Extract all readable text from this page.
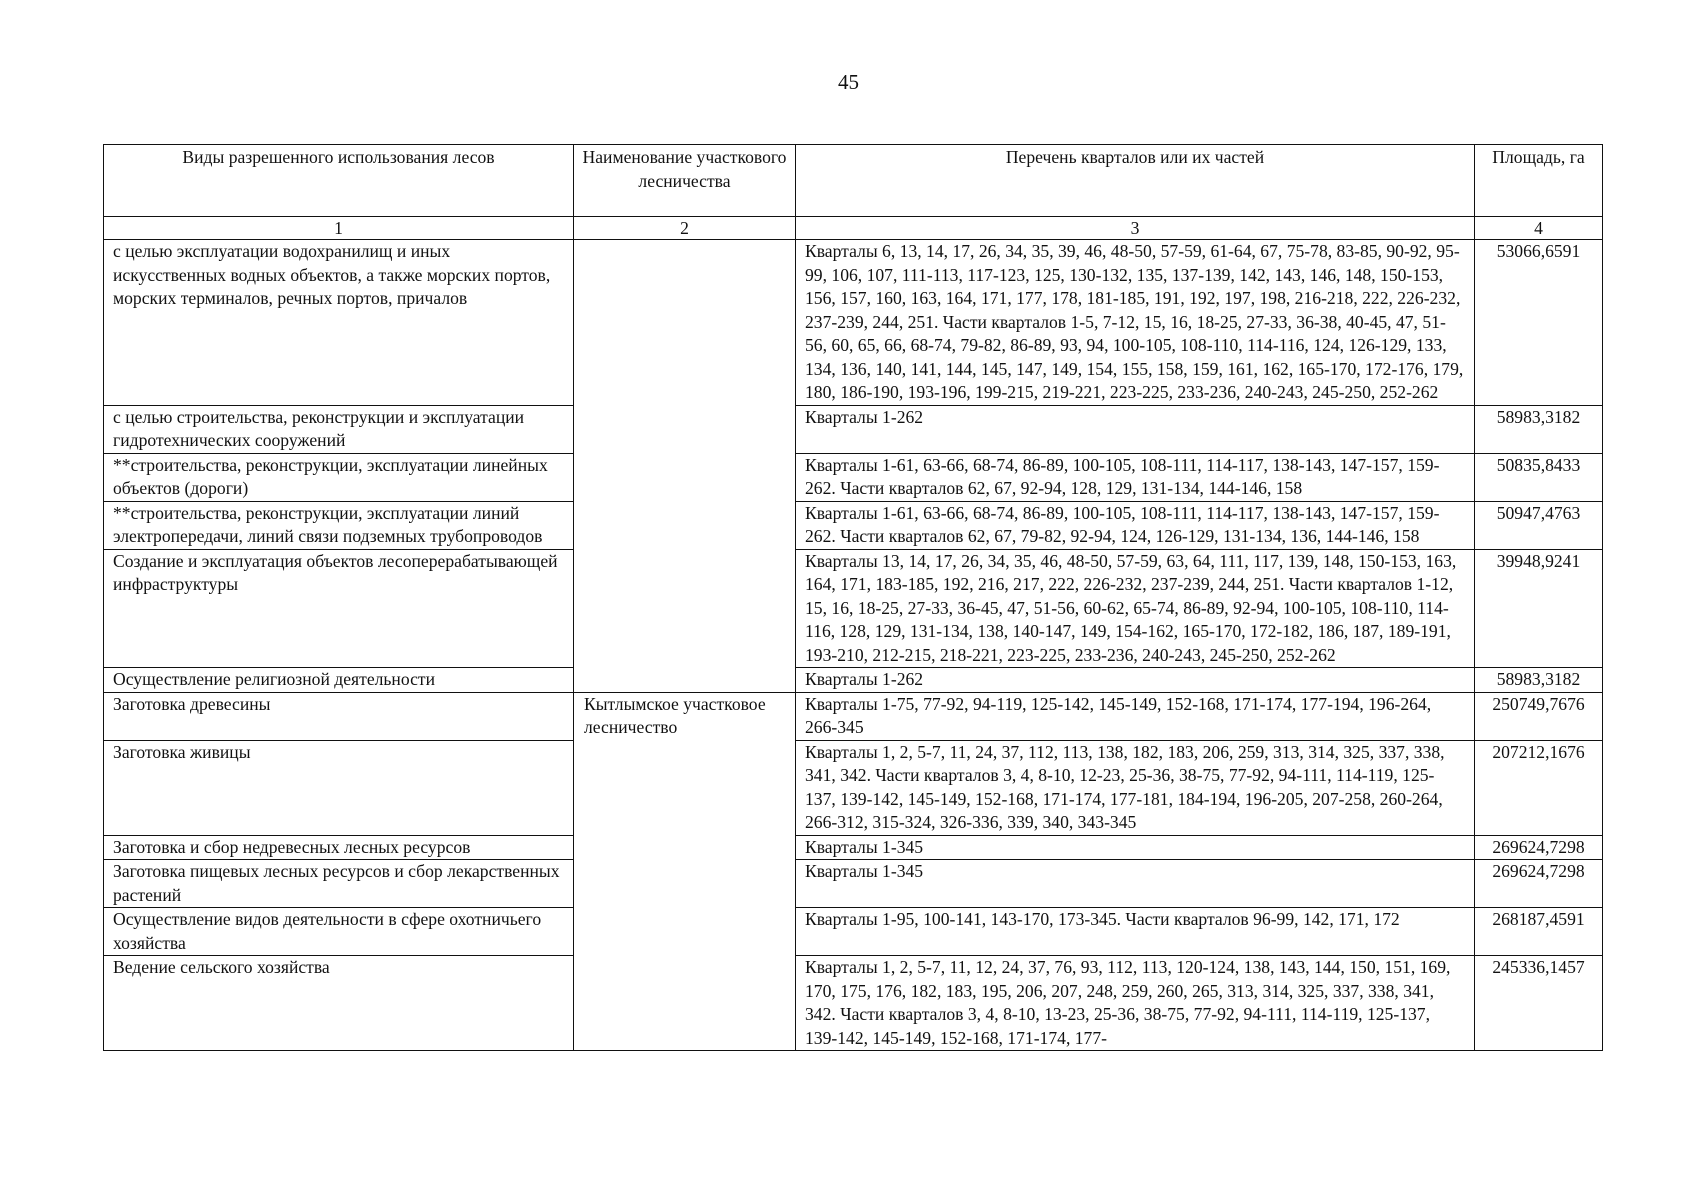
45
Виды разрешенного использования лесов	Наименование участкового лесничества	Перечень кварталов или их частей	Площадь, га
1	2	3	4
с целью эксплуатации водохранилищ и иных искусственных водных объектов, а также морских портов, морских терминалов, речных портов, причалов		Кварталы 6, 13, 14, 17, 26, 34, 35, 39, 46, 48-50, 57-59, 61-64, 67, 75-78, 83-85, 90-92, 95-99, 106, 107, 111-113, 117-123, 125, 130-132, 135, 137-139, 142, 143, 146, 148, 150-153, 156, 157, 160, 163, 164, 171, 177, 178, 181-185, 191, 192, 197, 198, 216-218, 222, 226-232, 237-239, 244, 251. Части кварталов 1-5, 7-12, 15, 16, 18-25, 27-33, 36-38, 40-45, 47, 51-56, 60, 65, 66, 68-74, 79-82, 86-89, 93, 94, 100-105, 108-110, 114-116, 124, 126-129, 133, 134, 136, 140, 141, 144, 145, 147, 149, 154, 155, 158, 159, 161, 162, 165-170, 172-176, 179, 180, 186-190, 193-196, 199-215, 219-221, 223-225, 233-236, 240-243, 245-250, 252-262	53066,6591
с целью строительства, реконструкции и эксплуатации гидротехнических сооружений		Кварталы 1-262	58983,3182
**строительства, реконструкции, эксплуатации линейных объектов (дороги)		Кварталы 1-61, 63-66, 68-74, 86-89, 100-105, 108-111, 114-117, 138-143, 147-157, 159-262. Части кварталов 62, 67, 92-94, 128, 129, 131-134, 144-146, 158	50835,8433
**строительства, реконструкции, эксплуатации линий электропередачи, линий связи подземных трубопроводов		Кварталы 1-61, 63-66, 68-74, 86-89, 100-105, 108-111, 114-117, 138-143, 147-157, 159-262. Части кварталов 62, 67, 79-82, 92-94, 124, 126-129, 131-134, 136, 144-146, 158	50947,4763
Создание и эксплуатация объектов лесоперерабатывающей инфраструктуры		Кварталы 13, 14, 17, 26, 34, 35, 46, 48-50, 57-59, 63, 64, 111, 117, 139, 148, 150-153, 163, 164, 171, 183-185, 192, 216, 217, 222, 226-232, 237-239, 244, 251. Части кварталов 1-12, 15, 16, 18-25, 27-33, 36-45, 47, 51-56, 60-62, 65-74, 86-89, 92-94, 100-105, 108-110, 114-116, 128, 129, 131-134, 138, 140-147, 149, 154-162, 165-170, 172-182, 186, 187, 189-191, 193-210, 212-215, 218-221, 223-225, 233-236, 240-243, 245-250, 252-262	39948,9241
Осуществление религиозной деятельности		Кварталы 1-262	58983,3182
Заготовка древесины	Кытлымское участковое лесничество	Кварталы 1-75, 77-92, 94-119, 125-142, 145-149, 152-168, 171-174, 177-194, 196-264, 266-345	250749,7676
Заготовка живицы		Кварталы 1, 2, 5-7, 11, 24, 37, 112, 113, 138, 182, 183, 206, 259, 313, 314, 325, 337, 338, 341, 342. Части кварталов 3, 4, 8-10, 12-23, 25-36, 38-75, 77-92, 94-111, 114-119, 125-137, 139-142, 145-149, 152-168, 171-174, 177-181, 184-194, 196-205, 207-258, 260-264, 266-312, 315-324, 326-336, 339, 340, 343-345	207212,1676
Заготовка и сбор недревесных лесных ресурсов		Кварталы 1-345	269624,7298
Заготовка пищевых лесных ресурсов и сбор лекарственных растений		Кварталы 1-345	269624,7298
Осуществление видов деятельности в сфере охотничьего хозяйства		Кварталы 1-95, 100-141, 143-170, 173-345. Части кварталов 96-99, 142, 171, 172	268187,4591
Ведение сельского хозяйства		Кварталы 1, 2, 5-7, 11, 12, 24, 37, 76, 93, 112, 113, 120-124, 138, 143, 144, 150, 151, 169, 170, 175, 176, 182, 183, 195, 206, 207, 248, 259, 260, 265, 313, 314, 325, 337, 338, 341, 342. Части кварталов 3, 4, 8-10, 13-23, 25-36, 38-75, 77-92, 94-111, 114-119, 125-137, 139-142, 145-149, 152-168, 171-174, 177-	245336,1457
